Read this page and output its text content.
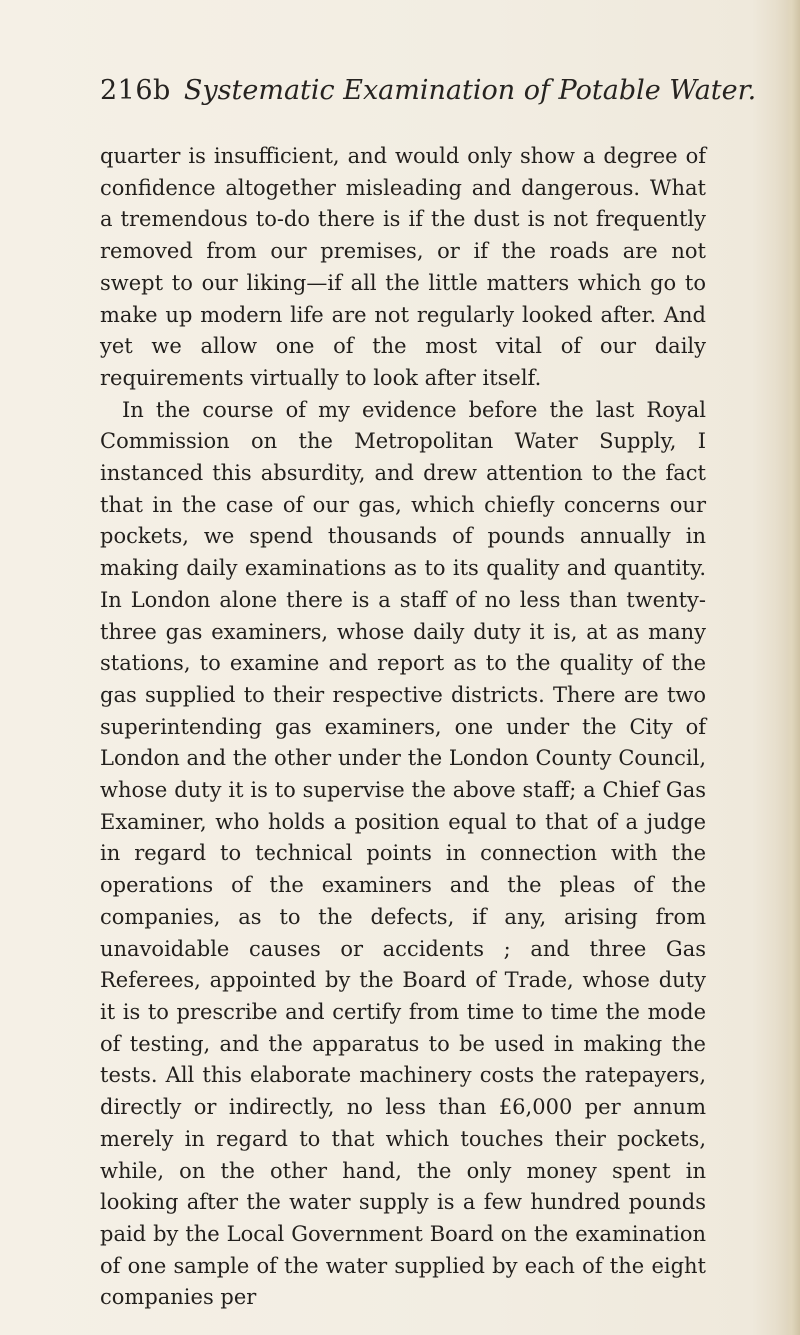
216b Systematic Examination of Potable Water.

quarter is insufficient, and would only show a degree of confidence altogether misleading and dangerous. What a tremendous to-do there is if the dust is not frequently removed from our premises, or if the roads are not swept to our liking—if all the little matters which go to make up modern life are not regularly looked after. And yet we allow one of the most vital of our daily requirements virtually to look after itself.

In the course of my evidence before the last Royal Commission on the Metropolitan Water Supply, I instanced this absurdity, and drew attention to the fact that in the case of our gas, which chiefly concerns our pockets, we spend thousands of pounds annually in making daily examinations as to its quality and quantity. In London alone there is a staff of no less than twenty-three gas examiners, whose daily duty it is, at as many stations, to examine and report as to the quality of the gas supplied to their respective districts. There are two superintending gas examiners, one under the City of London and the other under the London County Council, whose duty it is to supervise the above staff; a Chief Gas Examiner, who holds a position equal to that of a judge in regard to technical points in connection with the operations of the examiners and the pleas of the companies, as to the defects, if any, arising from unavoidable causes or accidents ; and three Gas Referees, appointed by the Board of Trade, whose duty it is to prescribe and certify from time to time the mode of testing, and the apparatus to be used in making the tests. All this elaborate machinery costs the ratepayers, directly or indirectly, no less than £6,000 per annum merely in regard to that which touches their pockets, while, on the other hand, the only money spent in looking after the water supply is a few hundred pounds paid by the Local Government Board on the examination of one sample of the water supplied by each of the eight companies per
